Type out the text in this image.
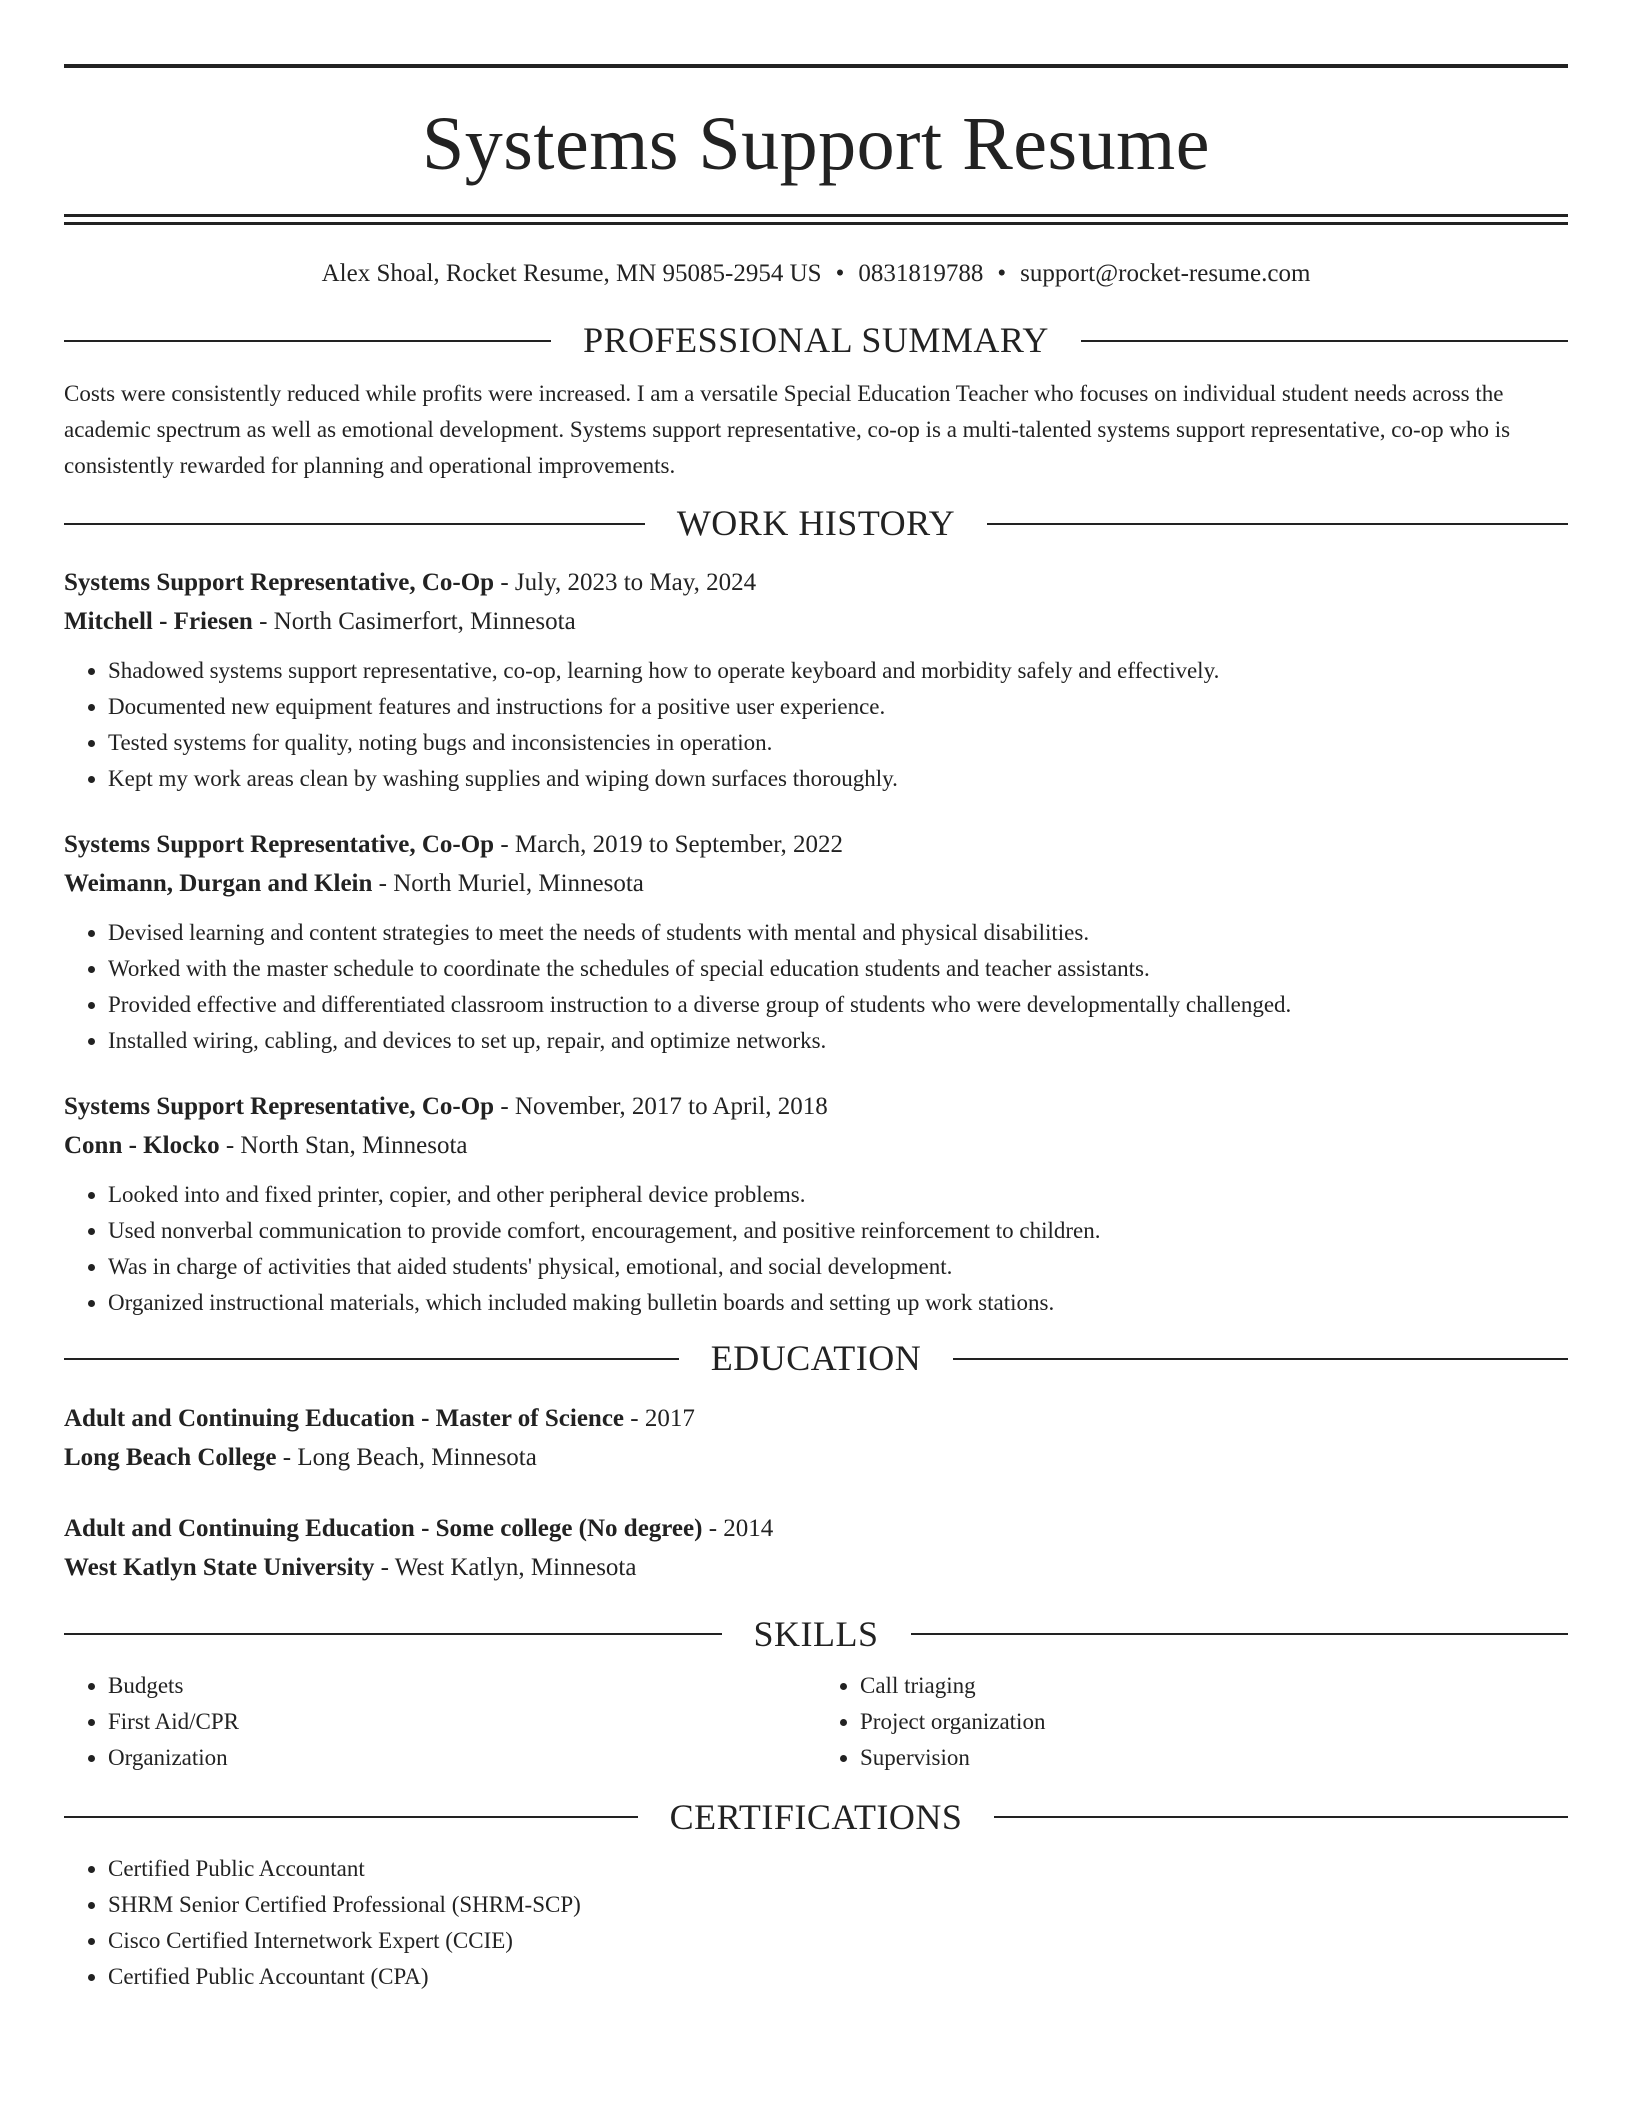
Systems Support Resume
Alex Shoal, Rocket Resume, MN 95085-2954 US • 0831819788 • support@rocket-resume.com
PROFESSIONAL SUMMARY

Costs were consistently reduced while profits were increased. I am a versatile Special Education Teacher who focuses on individual student needs across the academic spectrum as well as emotional development. Systems support representative, co-op is a multi-talented systems support representative, co-op who is consistently rewarded for planning and operational improvements.

WORK HISTORY
Systems Support Representative, Co-Op - July, 2023 to May, 2024
Mitchell - Friesen - North Casimerfort, Minnesota
• Shadowed systems support representative, co-op, learning how to operate keyboard and morbidity safely and effectively.
• Documented new equipment features and instructions for a positive user experience.
• Tested systems for quality, noting bugs and inconsistencies in operation.
• Kept my work areas clean by washing supplies and wiping down surfaces thoroughly.
Systems Support Representative, Co-Op - March, 2019 to September, 2022
Weimann, Durgan and Klein - North Muriel, Minnesota
• Devised learning and content strategies to meet the needs of students with mental and physical disabilities.
• Worked with the master schedule to coordinate the schedules of special education students and teacher assistants.
• Provided effective and differentiated classroom instruction to a diverse group of students who were developmentally challenged.
• Installed wiring, cabling, and devices to set up, repair, and optimize networks.
Systems Support Representative, Co-Op - November, 2017 to April, 2018
Conn - Klocko - North Stan, Minnesota
• Looked into and fixed printer, copier, and other peripheral device problems.
• Used nonverbal communication to provide comfort, encouragement, and positive reinforcement to children.
• Was in charge of activities that aided students' physical, emotional, and social development.
• Organized instructional materials, which included making bulletin boards and setting up work stations.
EDUCATION
Adult and Continuing Education - Master of Science - 2017
Long Beach College - Long Beach, Minnesota
Adult and Continuing Education - Some college (No degree) - 2014
West Katlyn State University - West Katlyn, Minnesota
SKILLS
• Budgets
• First Aid/CPR
• Organization
• Call triaging
• Project organization
• Supervision
CERTIFICATIONS
• Certified Public Accountant
• SHRM Senior Certified Professional (SHRM-SCP)
• Cisco Certified Internetwork Expert (CCIE)
• Certified Public Accountant (CPA)
